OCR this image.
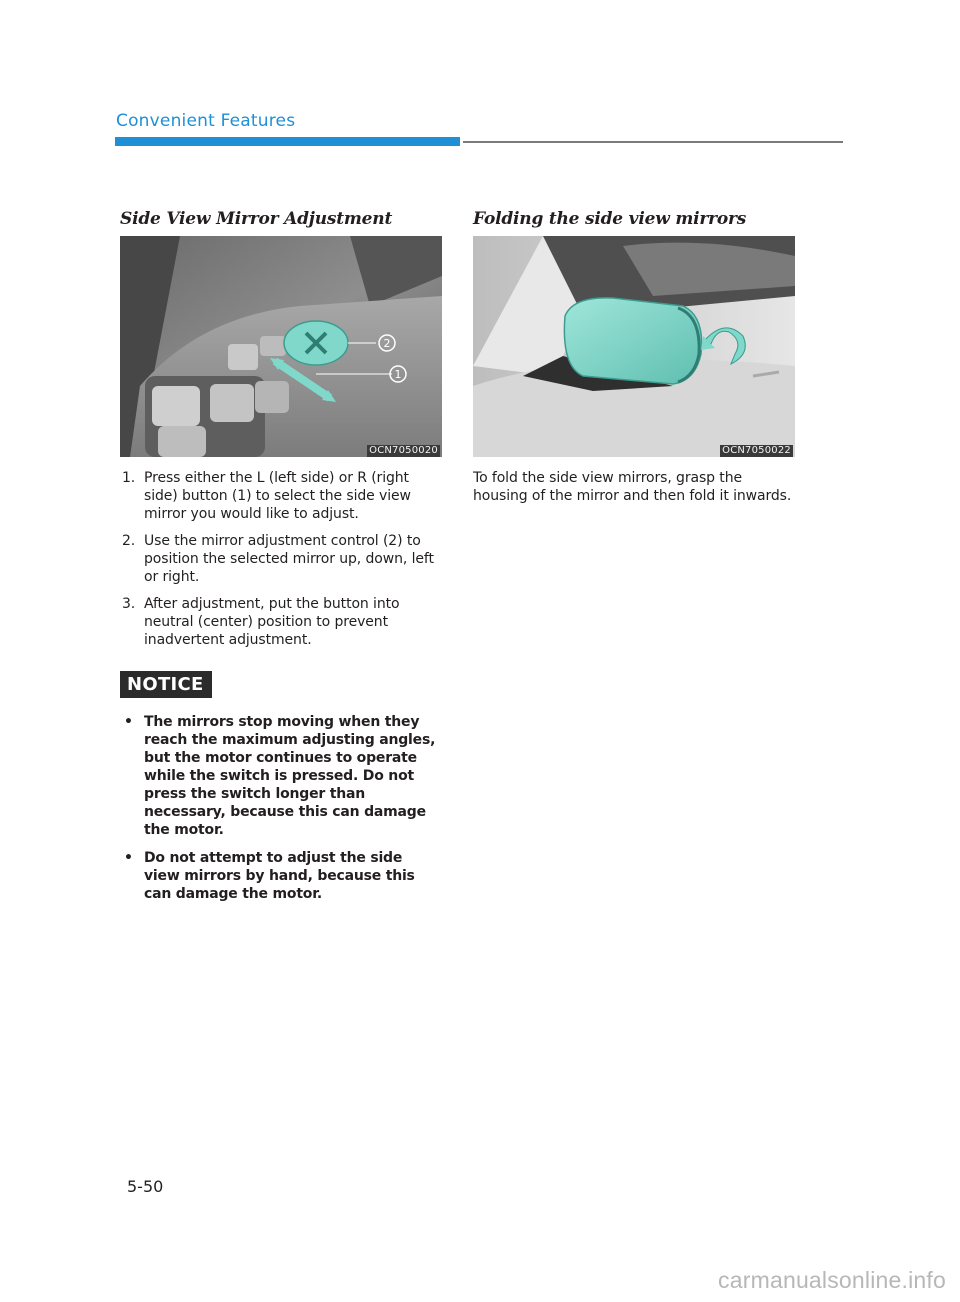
Convenient Features
Side View Mirror Adjustment
2
1
OCN7050020
1. Press either the L (left side) or R (right side) button (1) to select the side view mirror you would like to adjust.
2. Use the mirror adjustment control (2) to position the selected mirror up, down, left or right.
3. After adjustment, put the button into neutral (center) position to prevent inadvertent adjustment.
NOTICE
• The mirrors stop moving when they reach the maximum adjusting angles, but the motor continues to operate while the switch is pressed. Do not press the switch longer than necessary, because this can damage the motor.
• Do not attempt to adjust the side view mirrors by hand, because this can damage the motor.
Folding the side view mirrors
OCN7050022

To fold the side view mirrors, grasp the housing of the mirror and then fold it inwards.

5-50
carmanualsonline.info
